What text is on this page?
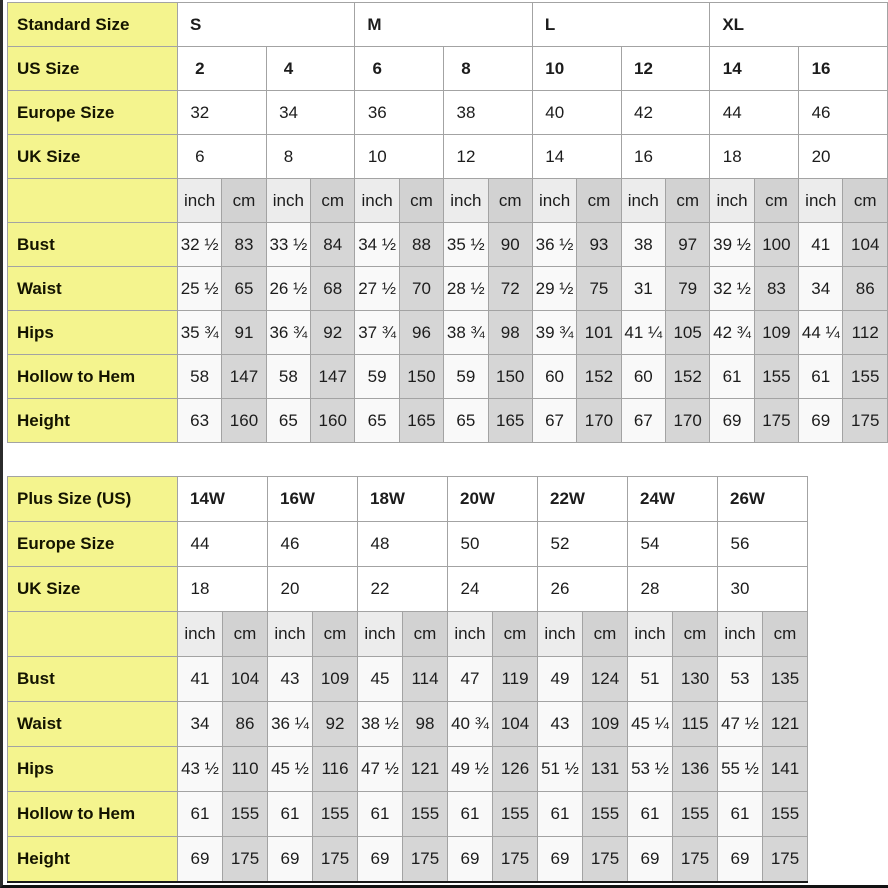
Standard Size	S				M				L				XL			
US Size	2		4		6		8		10		12		14		16	
Europe Size	32		34		36		38		40		42		44		46	
UK Size	6		8		10		12		14		16		18		20	
	inch	cm	inch	cm	inch	cm	inch	cm	inch	cm	inch	cm	inch	cm	inch	cm
Bust	32 ½	83	33 ½	84	34 ½	88	35 ½	90	36 ½	93	38	97	39 ½	100	41	104
Waist	25 ½	65	26 ½	68	27 ½	70	28 ½	72	29 ½	75	31	79	32 ½	83	34	86
Hips	35 ¾	91	36 ¾	92	37 ¾	96	38 ¾	98	39 ¾	101	41 ¼	105	42 ¾	109	44 ¼	112
Hollow to Hem	58	147	58	147	59	150	59	150	60	152	60	152	61	155	61	155
Height	63	160	65	160	65	165	65	165	67	170	67	170	69	175	69	175
Plus Size (US)	14W		16W		18W		20W		22W		24W		26W	
Europe Size	44		46		48		50		52		54		56	
UK Size	18		20		22		24		26		28		30	
	inch	cm	inch	cm	inch	cm	inch	cm	inch	cm	inch	cm	inch	cm
Bust	41	104	43	109	45	114	47	119	49	124	51	130	53	135
Waist	34	86	36 ¼	92	38 ½	98	40 ¾	104	43	109	45 ¼	115	47 ½	121
Hips	43 ½	110	45 ½	116	47 ½	121	49 ½	126	51 ½	131	53 ½	136	55 ½	141
Hollow to Hem	61	155	61	155	61	155	61	155	61	155	61	155	61	155
Height	69	175	69	175	69	175	69	175	69	175	69	175	69	175
